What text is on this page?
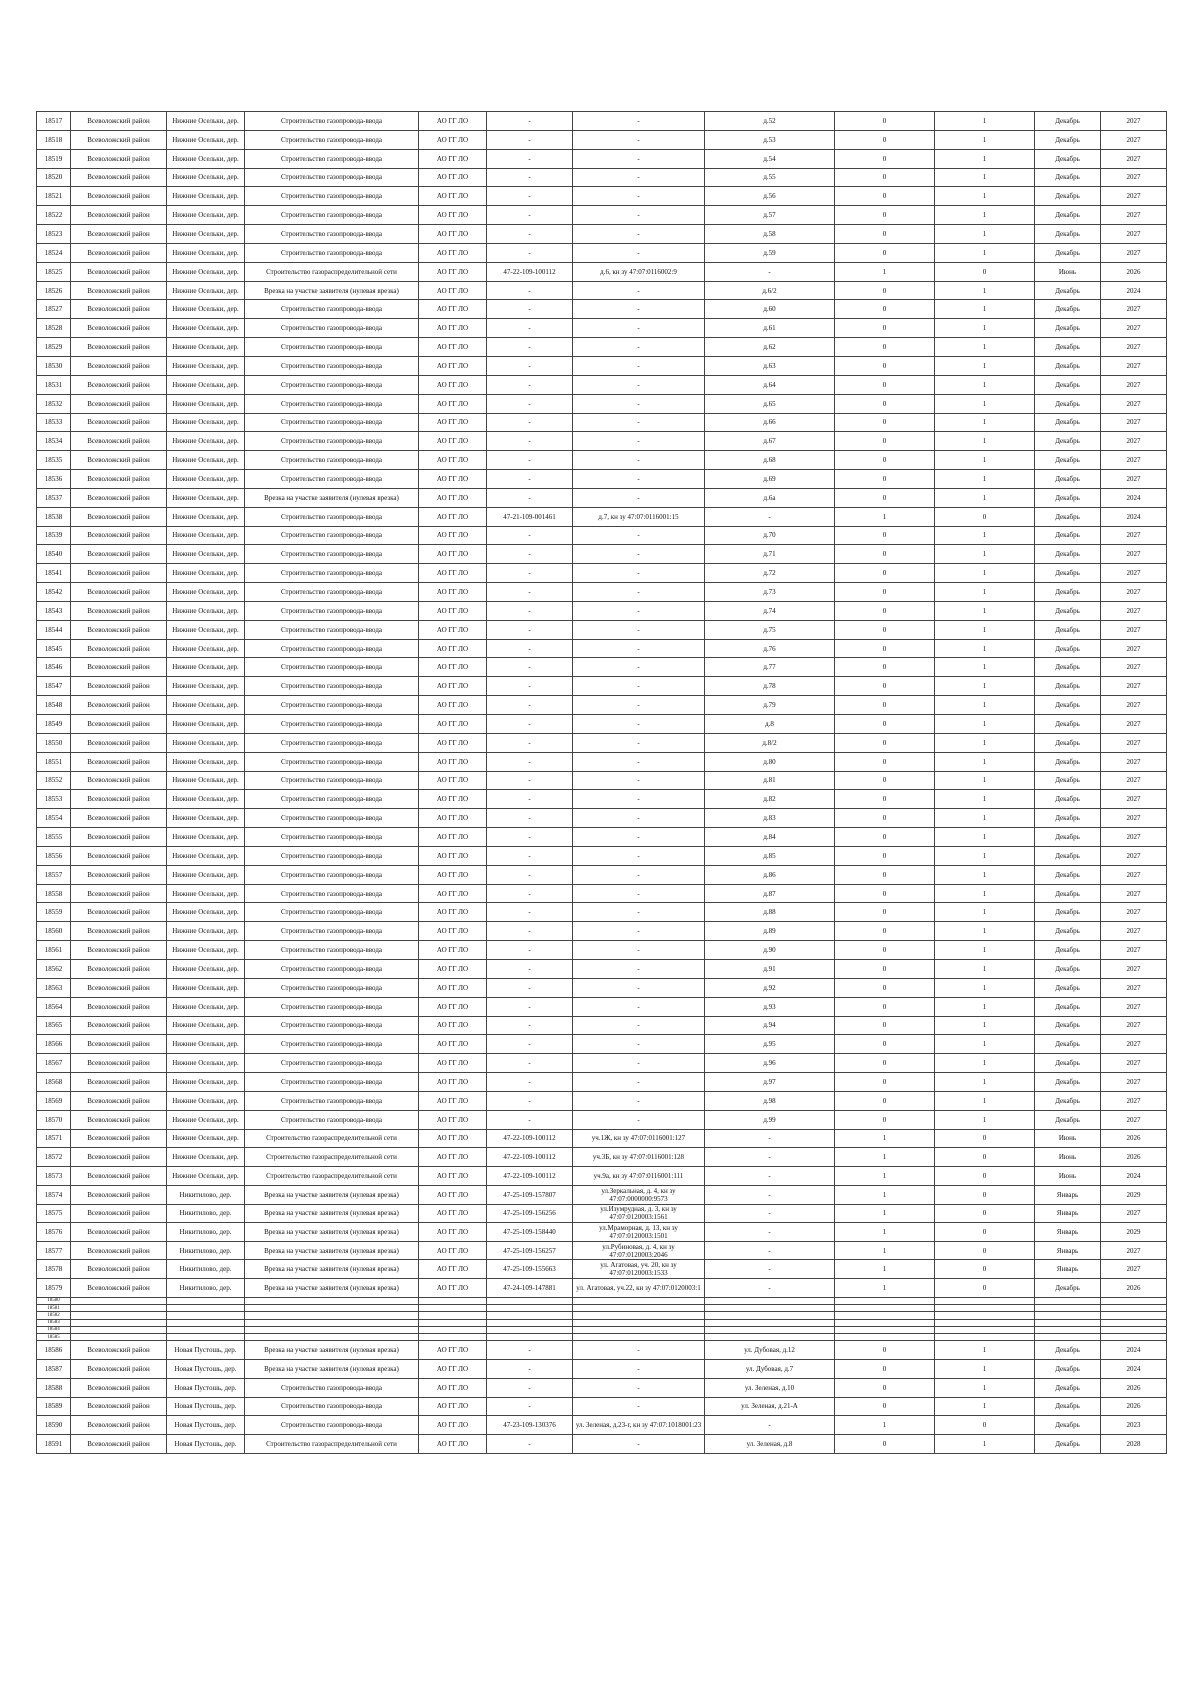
18517	Всеволожский район	Нижние Осельки, дер.	Строительство газопровода-ввода	АО ГГ ЛО	-	-	д.52	0	1	Декабрь	2027
18518	Всеволожский район	Нижние Осельки, дер.	Строительство газопровода-ввода	АО ГГ ЛО	-	-	д.53	0	1	Декабрь	2027
18519	Всеволожский район	Нижние Осельки, дер.	Строительство газопровода-ввода	АО ГГ ЛО	-	-	д.54	0	1	Декабрь	2027
18520	Всеволожский район	Нижние Осельки, дер.	Строительство газопровода-ввода	АО ГГ ЛО	-	-	д.55	0	1	Декабрь	2027
18521	Всеволожский район	Нижние Осельки, дер.	Строительство газопровода-ввода	АО ГГ ЛО	-	-	д.56	0	1	Декабрь	2027
18522	Всеволожский район	Нижние Осельки, дер.	Строительство газопровода-ввода	АО ГГ ЛО	-	-	д.57	0	1	Декабрь	2027
18523	Всеволожский район	Нижние Осельки, дер.	Строительство газопровода-ввода	АО ГГ ЛО	-	-	д.58	0	1	Декабрь	2027
18524	Всеволожский район	Нижние Осельки, дер.	Строительство газопровода-ввода	АО ГГ ЛО	-	-	д.59	0	1	Декабрь	2027
18525	Всеволожский район	Нижние Осельки, дер.	Строительство газораспределительной сети	АО ГГ ЛО	47-22-109-100112	д.6, кн зу 47:07:0116002:9	-	1	0	Июнь	2026
18526	Всеволожский район	Нижние Осельки, дер.	Врезка на участке заявителя (нулевая врезка)	АО ГГ ЛО	-	-	д.6/2	0	1	Декабрь	2024
18527	Всеволожский район	Нижние Осельки, дер.	Строительство газопровода-ввода	АО ГГ ЛО	-	-	д.60	0	1	Декабрь	2027
18528	Всеволожский район	Нижние Осельки, дер.	Строительство газопровода-ввода	АО ГГ ЛО	-	-	д.61	0	1	Декабрь	2027
18529	Всеволожский район	Нижние Осельки, дер.	Строительство газопровода-ввода	АО ГГ ЛО	-	-	д.62	0	1	Декабрь	2027
18530	Всеволожский район	Нижние Осельки, дер.	Строительство газопровода-ввода	АО ГГ ЛО	-	-	д.63	0	1	Декабрь	2027
18531	Всеволожский район	Нижние Осельки, дер.	Строительство газопровода-ввода	АО ГГ ЛО	-	-	д.64	0	1	Декабрь	2027
18532	Всеволожский район	Нижние Осельки, дер.	Строительство газопровода-ввода	АО ГГ ЛО	-	-	д.65	0	1	Декабрь	2027
18533	Всеволожский район	Нижние Осельки, дер.	Строительство газопровода-ввода	АО ГГ ЛО	-	-	д.66	0	1	Декабрь	2027
18534	Всеволожский район	Нижние Осельки, дер.	Строительство газопровода-ввода	АО ГГ ЛО	-	-	д.67	0	1	Декабрь	2027
18535	Всеволожский район	Нижние Осельки, дер.	Строительство газопровода-ввода	АО ГГ ЛО	-	-	д.68	0	1	Декабрь	2027
18536	Всеволожский район	Нижние Осельки, дер.	Строительство газопровода-ввода	АО ГГ ЛО	-	-	д.69	0	1	Декабрь	2027
18537	Всеволожский район	Нижние Осельки, дер.	Врезка на участке заявителя (нулевая врезка)	АО ГГ ЛО	-	-	д.6а	0	1	Декабрь	2024
18538	Всеволожский район	Нижние Осельки, дер.	Строительство газопровода-ввода	АО ГГ ЛО	47-21-109-001461	д.7, кн зу 47:07:0116001:15	-	1	0	Декабрь	2024
18539	Всеволожский район	Нижние Осельки, дер.	Строительство газопровода-ввода	АО ГГ ЛО	-	-	д.70	0	1	Декабрь	2027
18540	Всеволожский район	Нижние Осельки, дер.	Строительство газопровода-ввода	АО ГГ ЛО	-	-	д.71	0	1	Декабрь	2027
18541	Всеволожский район	Нижние Осельки, дер.	Строительство газопровода-ввода	АО ГГ ЛО	-	-	д.72	0	1	Декабрь	2027
18542	Всеволожский район	Нижние Осельки, дер.	Строительство газопровода-ввода	АО ГГ ЛО	-	-	д.73	0	1	Декабрь	2027
18543	Всеволожский район	Нижние Осельки, дер.	Строительство газопровода-ввода	АО ГГ ЛО	-	-	д.74	0	1	Декабрь	2027
18544	Всеволожский район	Нижние Осельки, дер.	Строительство газопровода-ввода	АО ГГ ЛО	-	-	д.75	0	1	Декабрь	2027
18545	Всеволожский район	Нижние Осельки, дер.	Строительство газопровода-ввода	АО ГГ ЛО	-	-	д.76	0	1	Декабрь	2027
18546	Всеволожский район	Нижние Осельки, дер.	Строительство газопровода-ввода	АО ГГ ЛО	-	-	д.77	0	1	Декабрь	2027
18547	Всеволожский район	Нижние Осельки, дер.	Строительство газопровода-ввода	АО ГГ ЛО	-	-	д.78	0	1	Декабрь	2027
18548	Всеволожский район	Нижние Осельки, дер.	Строительство газопровода-ввода	АО ГГ ЛО	-	-	д.79	0	1	Декабрь	2027
18549	Всеволожский район	Нижние Осельки, дер.	Строительство газопровода-ввода	АО ГГ ЛО	-	-	д.8	0	1	Декабрь	2027
18550	Всеволожский район	Нижние Осельки, дер.	Строительство газопровода-ввода	АО ГГ ЛО	-	-	д.8/2	0	1	Декабрь	2027
18551	Всеволожский район	Нижние Осельки, дер.	Строительство газопровода-ввода	АО ГГ ЛО	-	-	д.80	0	1	Декабрь	2027
18552	Всеволожский район	Нижние Осельки, дер.	Строительство газопровода-ввода	АО ГГ ЛО	-	-	д.81	0	1	Декабрь	2027
18553	Всеволожский район	Нижние Осельки, дер.	Строительство газопровода-ввода	АО ГГ ЛО	-	-	д.82	0	1	Декабрь	2027
18554	Всеволожский район	Нижние Осельки, дер.	Строительство газопровода-ввода	АО ГГ ЛО	-	-	д.83	0	1	Декабрь	2027
18555	Всеволожский район	Нижние Осельки, дер.	Строительство газопровода-ввода	АО ГГ ЛО	-	-	д.84	0	1	Декабрь	2027
18556	Всеволожский район	Нижние Осельки, дер.	Строительство газопровода-ввода	АО ГГ ЛО	-	-	д.85	0	1	Декабрь	2027
18557	Всеволожский район	Нижние Осельки, дер.	Строительство газопровода-ввода	АО ГГ ЛО	-	-	д.86	0	1	Декабрь	2027
18558	Всеволожский район	Нижние Осельки, дер.	Строительство газопровода-ввода	АО ГГ ЛО	-	-	д.87	0	1	Декабрь	2027
18559	Всеволожский район	Нижние Осельки, дер.	Строительство газопровода-ввода	АО ГГ ЛО	-	-	д.88	0	1	Декабрь	2027
18560	Всеволожский район	Нижние Осельки, дер.	Строительство газопровода-ввода	АО ГГ ЛО	-	-	д.89	0	1	Декабрь	2027
18561	Всеволожский район	Нижние Осельки, дер.	Строительство газопровода-ввода	АО ГГ ЛО	-	-	д.90	0	1	Декабрь	2027
18562	Всеволожский район	Нижние Осельки, дер.	Строительство газопровода-ввода	АО ГГ ЛО	-	-	д.91	0	1	Декабрь	2027
18563	Всеволожский район	Нижние Осельки, дер.	Строительство газопровода-ввода	АО ГГ ЛО	-	-	д.92	0	1	Декабрь	2027
18564	Всеволожский район	Нижние Осельки, дер.	Строительство газопровода-ввода	АО ГГ ЛО	-	-	д.93	0	1	Декабрь	2027
18565	Всеволожский район	Нижние Осельки, дер.	Строительство газопровода-ввода	АО ГГ ЛО	-	-	д.94	0	1	Декабрь	2027
18566	Всеволожский район	Нижние Осельки, дер.	Строительство газопровода-ввода	АО ГГ ЛО	-	-	д.95	0	1	Декабрь	2027
18567	Всеволожский район	Нижние Осельки, дер.	Строительство газопровода-ввода	АО ГГ ЛО	-	-	д.96	0	1	Декабрь	2027
18568	Всеволожский район	Нижние Осельки, дер.	Строительство газопровода-ввода	АО ГГ ЛО	-	-	д.97	0	1	Декабрь	2027
18569	Всеволожский район	Нижние Осельки, дер.	Строительство газопровода-ввода	АО ГГ ЛО	-	-	д.98	0	1	Декабрь	2027
18570	Всеволожский район	Нижние Осельки, дер.	Строительство газопровода-ввода	АО ГГ ЛО	-	-	д.99	0	1	Декабрь	2027
18571	Всеволожский район	Нижние Осельки, дер.	Строительство газораспределительной сети	АО ГГ ЛО	47-22-109-100112	уч.1Ж, кн зу 47:07:0116001:127	-	1	0	Июнь	2026
18572	Всеволожский район	Нижние Осельки, дер.	Строительство газораспределительной сети	АО ГГ ЛО	47-22-109-100112	уч.3Б, кн зу 47:07:0116001:128	-	1	0	Июнь	2026
18573	Всеволожский район	Нижние Осельки, дер.	Строительство газораспределительной сети	АО ГГ ЛО	47-22-109-100112	уч.9а, кн зу 47:07:0116001:111	-	1	0	Июнь	2024
18574	Всеволожский район	Никитилово, дер.	Врезка на участке заявителя (нулевая врезка)	АО ГГ ЛО	47-25-109-157807	ул.Зеркальная, д. 4, кн зу 47:07:0000000:9573	-	1	0	Январь	2029
18575	Всеволожский район	Никитилово, дер.	Врезка на участке заявителя (нулевая врезка)	АО ГГ ЛО	47-25-109-156256	ул.Изумрудная, д. 3, кн зу 47:07:0120003:1561	-	1	0	Январь	2027
18576	Всеволожский район	Никитилово, дер.	Врезка на участке заявителя (нулевая врезка)	АО ГГ ЛО	47-25-109-158440	ул.Мраморная, д. 13, кн зу 47:07:0120003:1501	-	1	0	Январь	2029
18577	Всеволожский район	Никитилово, дер.	Врезка на участке заявителя (нулевая врезка)	АО ГГ ЛО	47-25-109-156257	ул.Рубиновая, д. 4, кн зу 47:07:0120003:2046	-	1	0	Январь	2027
18578	Всеволожский район	Никитилово, дер.	Врезка на участке заявителя (нулевая врезка)	АО ГГ ЛО	47-25-109-155663	ул. Агатовая, уч. 20, кн зу 47:07:0120003:1533	-	1	0	Январь	2027
18579	Всеволожский район	Никитилово, дер.	Врезка на участке заявителя (нулевая врезка)	АО ГГ ЛО	47-24-109-147881	ул. Агатовая, уч.22, кн зу 47:07:0120003:1	-	1	0	Декабрь	2026
18580											
18581											
18582											
18583											
18584											
18585											
18586	Всеволожский район	Новая Пустошь, дер.	Врезка на участке заявителя (нулевая врезка)	АО ГГ ЛО	-	-	ул. Дубовая, д.12	0	1	Декабрь	2024
18587	Всеволожский район	Новая Пустошь, дер.	Врезка на участке заявителя (нулевая врезка)	АО ГГ ЛО	-	-	ул. Дубовая, д.7	0	1	Декабрь	2024
18588	Всеволожский район	Новая Пустошь, дер.	Строительство газопровода-ввода	АО ГГ ЛО	-	-	ул. Зеленая, д.10	0	1	Декабрь	2026
18589	Всеволожский район	Новая Пустошь, дер.	Строительство газопровода-ввода	АО ГГ ЛО	-	-	ул. Зеленая, д.21-А	0	1	Декабрь	2026
18590	Всеволожский район	Новая Пустошь, дер.	Строительство газопровода-ввода	АО ГГ ЛО	47-23-109-130376	ул. Зеленая, д.23-г, кн зу 47:07:1018001:23	-	1	0	Декабрь	2023
18591	Всеволожский район	Новая Пустошь, дер.	Строительство газораспределительной сети	АО ГГ ЛО	-	-	ул. Зеленая, д.8	0	1	Декабрь	2028
